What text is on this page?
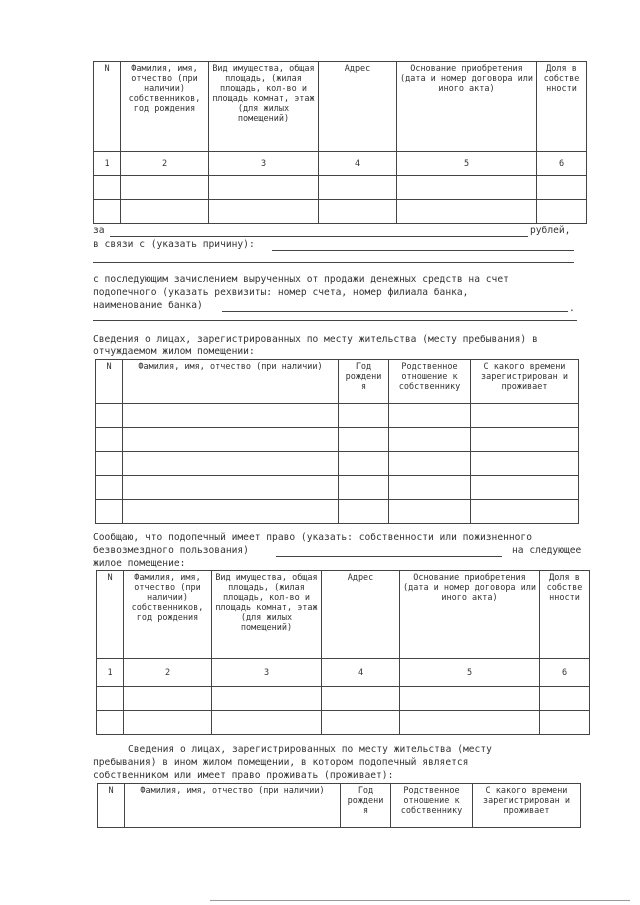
N	Фамилия, имя, отчество (при наличии) собственников, год рождения	Вид имущества, общая площадь, (жилая площадь, кол-во и площадь комнат, этаж (для жилых помещений)	Адрес	Основание приобретения (дата и номер договора или иного акта)	Доля в собстве нности
1	2	3	4	5	6

за	рублей,
в связи с (указать причину):
с последующим зачислением вырученных от продажи денежных средств на счет
подопечного (указать рехвизиты: номер счета, номер филиала банка,
наименование банка)	.
Сведения о лицах, зарегистрированных по месту жительства (месту пребывания) в
отчуждаемом жилом помещении:
N	Фамилия, имя, отчество (при наличии)	Год рождени я	Родственное отношение к собственнику	С какого времени зарегистрирован и проживает

Сообщаю, что подопечный имеет право (указать: собственности или пожизненного
безвозмездного пользования)	на следующее
жилое помещение:
N	Фамилия, имя, отчество (при наличии) собственников, год рождения	Вид имущества, общая площадь, (жилая площадь, кол-во и площадь комнат, этаж (для жилых помещений)	Адрес	Основание приобретения (дата и номер договора или иного акта)	Доля в собстве нности
1	2	3	4	5	6

Сведения о лицах, зарегистрированных по месту жительства (месту
пребывания) в ином жилом помещении, в котором подопечный является
собственником или имеет право проживать (проживает):
N	Фамилия, имя, отчество (при наличии)	Год рождени я	Родственное отношение к собственнику	С какого времени зарегистрирован и проживает
